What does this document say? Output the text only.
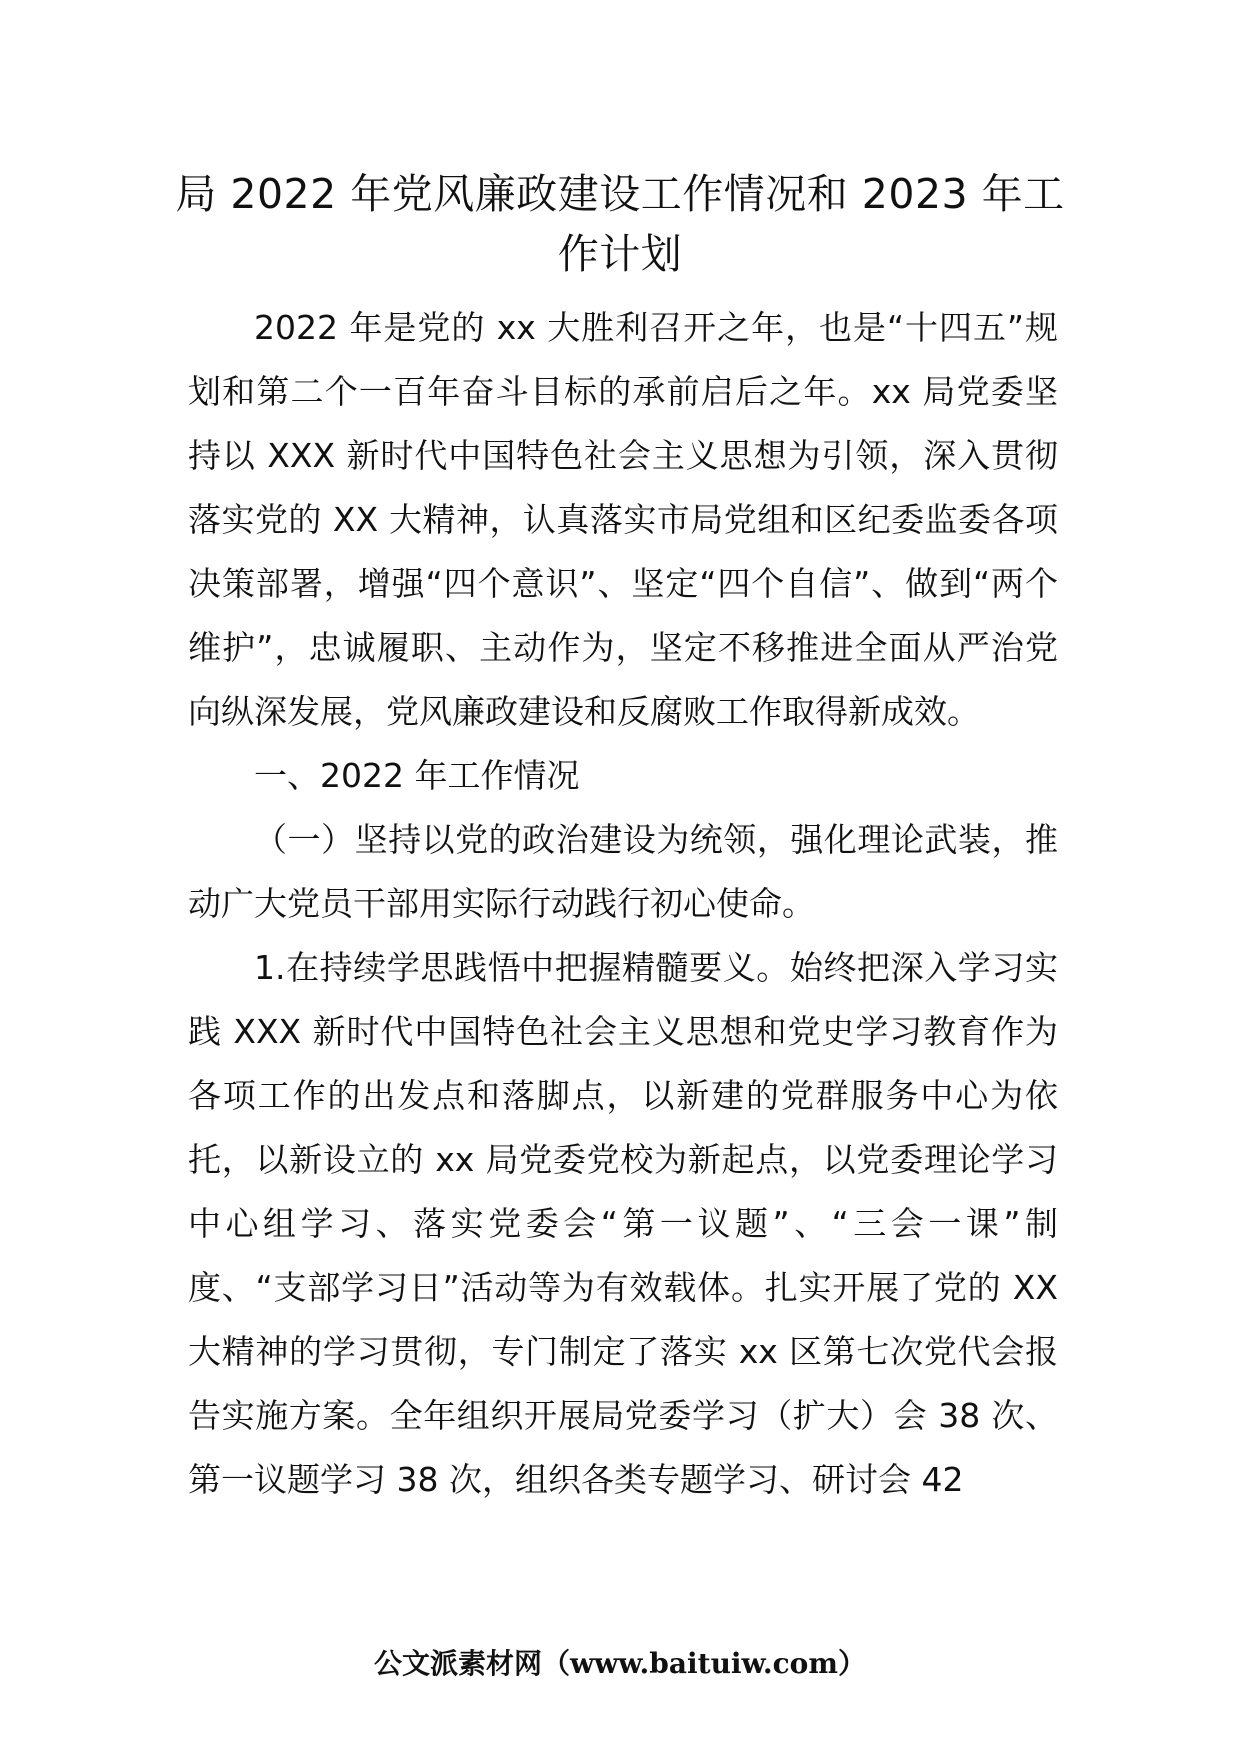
局 2022 年党风廉政建设工作情况和 2023 年工作计划

2022 年是党的 xx 大胜利召开之年，也是“十四五”规划和第二个一百年奋斗目标的承前启后之年。xx 局党委坚持以 XXX 新时代中国特色社会主义思想为引领，深入贯彻落实党的 XX 大精神，认真落实市局党组和区纪委监委各项决策部署，增强“四个意识”、坚定“四个自信”、做到“两个维护”，忠诚履职、主动作为，坚定不移推进全面从严治党向纵深发展，党风廉政建设和反腐败工作取得新成效。

一、2022 年工作情况

（一）坚持以党的政治建设为统领，强化理论武装，推动广大党员干部用实际行动践行初心使命。

1.在持续学思践悟中把握精髓要义。始终把深入学习实践 XXX 新时代中国特色社会主义思想和党史学习教育作为各项工作的出发点和落脚点，以新建的党群服务中心为依托，以新设立的 xx 局党委党校为新起点，以党委理论学习中心组学习、落实党委会“第一议题”、“三会一课”制度、“支部学习日”活动等为有效载体。扎实开展了党的 XX 大精神的学习贯彻，专门制定了落实 xx 区第七次党代会报告实施方案。全年组织开展局党委学习（扩大）会 38 次、第一议题学习 38 次，组织各类专题学习、研讨会 42

公文派素材网（www.baituiw.com）
